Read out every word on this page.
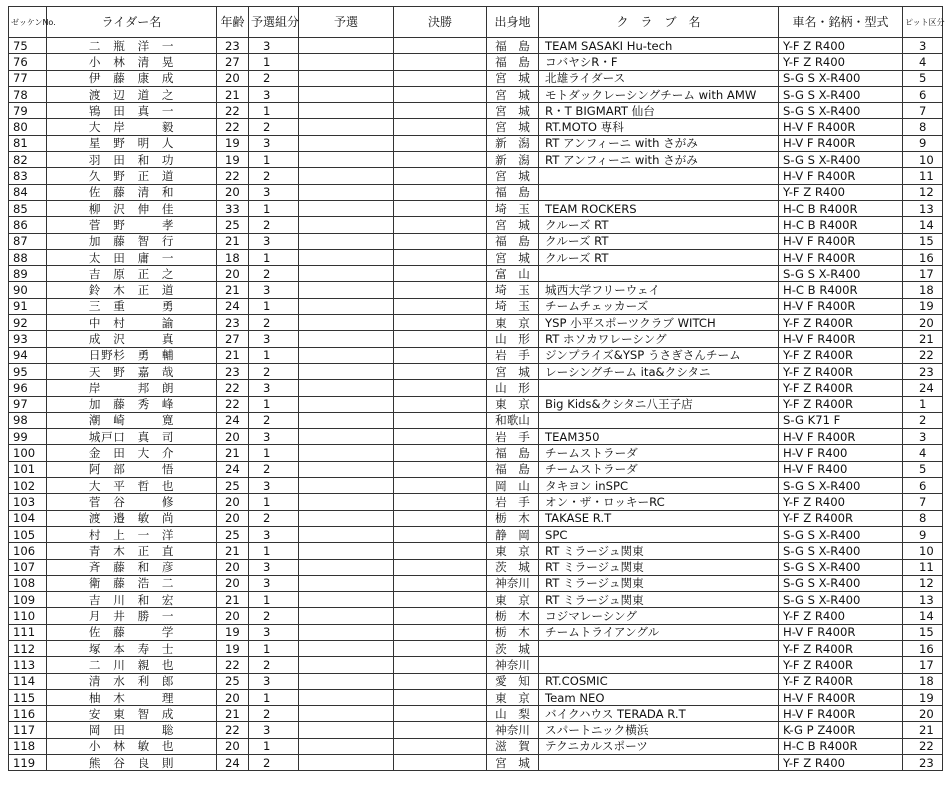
ゼッケンNo.	ライダー名	年齢	予選組分	予選	決勝	出身地	ク　ラ　ブ　名	車名・銘柄・型式	ピット区分
75	二　瓶　洋　一	23	3			福　島	TEAM SASAKI Hu-tech	Y-F Z R400	3
76	小　林　清　晃	27	1			福　島	コバヤシR・F	Y-F Z R400	4
77	伊　藤　康　成	20	2			宮　城	北雄ライダース	S-G S X-R400	5
78	渡　辺　道　之	21	3			宮　城	モトダックレーシングチーム with AMW	S-G S X-R400	6
79	鴇　田　真　一	22	1			宮　城	R・T BIGMART 仙台	S-G S X-R400	7
80	大　岸　　　毅	22	2			宮　城	RT.MOTO 専科	H-V F R400R	8
81	星　野　明　人	19	3			新　潟	RT アンフィーニ with さがみ	H-V F R400R	9
82	羽　田　和　功	19	1			新　潟	RT アンフィーニ with さがみ	S-G S X-R400	10
83	久　野　正　道	22	2			宮　城		H-V F R400R	11
84	佐　藤　清　和	20	3			福　島		Y-F Z R400	12
85	柳　沢　伸　佳	33	1			埼　玉	TEAM ROCKERS	H-C B R400R	13
86	菅　野　　　孝	25	2			宮　城	クルーズ RT	H-C B R400R	14
87	加　藤　智　行	21	3			福　島	クルーズ RT	H-V F R400R	15
88	太　田　庸　一	18	1			宮　城	クルーズ RT	H-V F R400R	16
89	吉　原　正　之	20	2			富　山		S-G S X-R400	17
90	鈴　木　正　道	21	3			埼　玉	城西大学フリーウェイ	H-C B R400R	18
91	三　重　　　勇	24	1			埼　玉	チームチェッカーズ	H-V F R400R	19
92	中　村　　　諭	23	2			東　京	YSP 小平スポーツクラブ WITCH	Y-F Z R400R	20
93	成　沢　　　真	27	3			山　形	RT ホソカワレーシング	H-V F R400R	21
94	日野杉　勇　輔	21	1			岩　手	ジンプライズ&YSP うさぎさんチーム	Y-F Z R400R	22
95	天　野　嘉　哉	23	2			宮　城	レーシングチーム ita&クシタニ	Y-F Z R400R	23
96	岸　　　邦　朗	22	3			山　形		Y-F Z R400R	24
97	加　藤　秀　峰	22	1			東　京	Big Kids&クシタニ八王子店	Y-F Z R400R	1
98	潮　崎　　　寛	24	2			和歌山		S-G K71 F	2
99	城戸口　真　司	20	3			岩　手	TEAM350	H-V F R400R	3
100	金　田　大　介	21	1			福　島	チームストラーダ	H-V F R400	4
101	阿　部　　　悟	24	2			福　島	チームストラーダ	H-V F R400	5
102	大　平　哲　也	25	3			岡　山	タキヨン inSPC	S-G S X-R400	6
103	菅　谷　　　修	20	1			岩　手	オン・ザ・ロッキーRC	Y-F Z R400	7
104	渡　邉　敏　尚	20	2			栃　木	TAKASE R.T	Y-F Z R400R	8
105	村　上　一　洋	25	3			静　岡	SPC	S-G S X-R400	9
106	青　木　正　直	21	1			東　京	RT ミラージュ関東	S-G S X-R400	10
107	斉　藤　和　彦	20	3			茨　城	RT ミラージュ関東	S-G S X-R400	11
108	衛　藤　浩　二	20	3			神奈川	RT ミラージュ関東	S-G S X-R400	12
109	吉　川　和　宏	21	1			東　京	RT ミラージュ関東	S-G S X-R400	13
110	月　井　勝　一	20	2			栃　木	コジマレーシング	Y-F Z R400	14
111	佐　藤　　　学	19	3			栃　木	チームトライアングル	H-V F R400R	15
112	塚　本　寿　士	19	1			茨　城		Y-F Z R400R	16
113	二　川　親　也	22	2			神奈川		Y-F Z R400R	17
114	清　水　利　郎	25	3			愛　知	RT.COSMIC	Y-F Z R400R	18
115	柚　木　　　理	20	1			東　京	Team NEO	H-V F R400R	19
116	安　東　智　成	21	2			山　梨	バイクハウス TERADA R.T	H-V F R400R	20
117	岡　田　　　聡	22	3			神奈川	スパートニック横浜	K-G P Z400R	21
118	小　林　敏　也	20	1			滋　賀	テクニカルスポーツ	H-C B R400R	22
119	熊　谷　良　則	24	2			宮　城		Y-F Z R400	23
